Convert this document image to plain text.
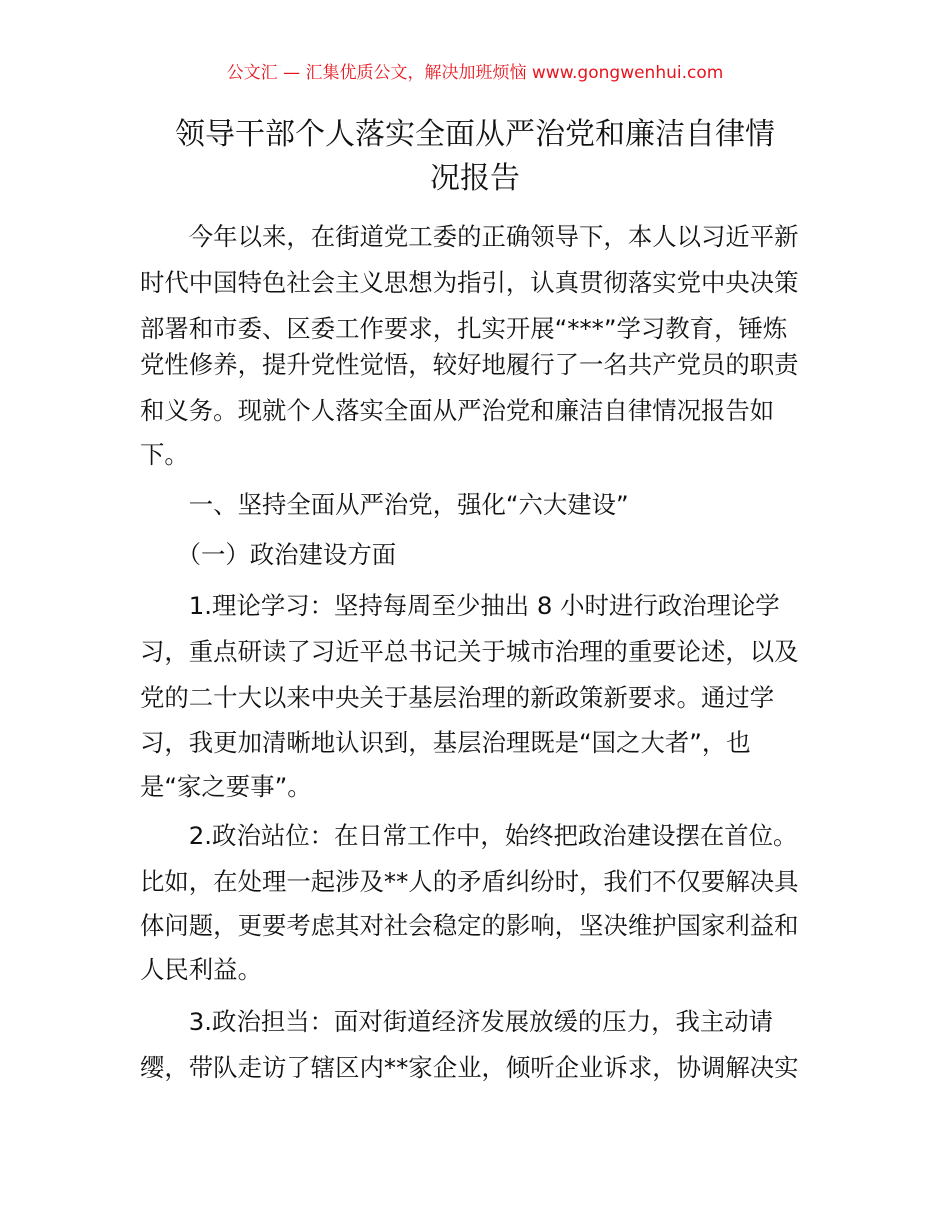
公文汇 — 汇集优质公文，解决加班烦恼 www.gongwenhui.com
领导干部个人落实全面从严治党和廉洁自律情
况报告
　　今年以来，在街道党工委的正确领导下，本人以习近平新
时代中国特色社会主义思想为指引，认真贯彻落实党中央决策
部署和市委、区委工作要求，扎实开展“***”学习教育，锤炼
党性修养，提升党性觉悟，较好地履行了一名共产党员的职责
和义务。现就个人落实全面从严治党和廉洁自律情况报告如
下。
　　一、坚持全面从严治党，强化“六大建设”
　　（一）政治建设方面
　　1.理论学习：坚持每周至少抽出 8 小时进行政治理论学
习，重点研读了习近平总书记关于城市治理的重要论述，以及
党的二十大以来中央关于基层治理的新政策新要求。通过学
习，我更加清晰地认识到，基层治理既是“国之大者”，也
是“家之要事”。
　　2.政治站位：在日常工作中，始终把政治建设摆在首位。
比如，在处理一起涉及**人的矛盾纠纷时，我们不仅要解决具
体问题，更要考虑其对社会稳定的影响，坚决维护国家利益和
人民利益。
　　3.政治担当：面对街道经济发展放缓的压力，我主动请
缨，带队走访了辖区内**家企业，倾听企业诉求，协调解决实
